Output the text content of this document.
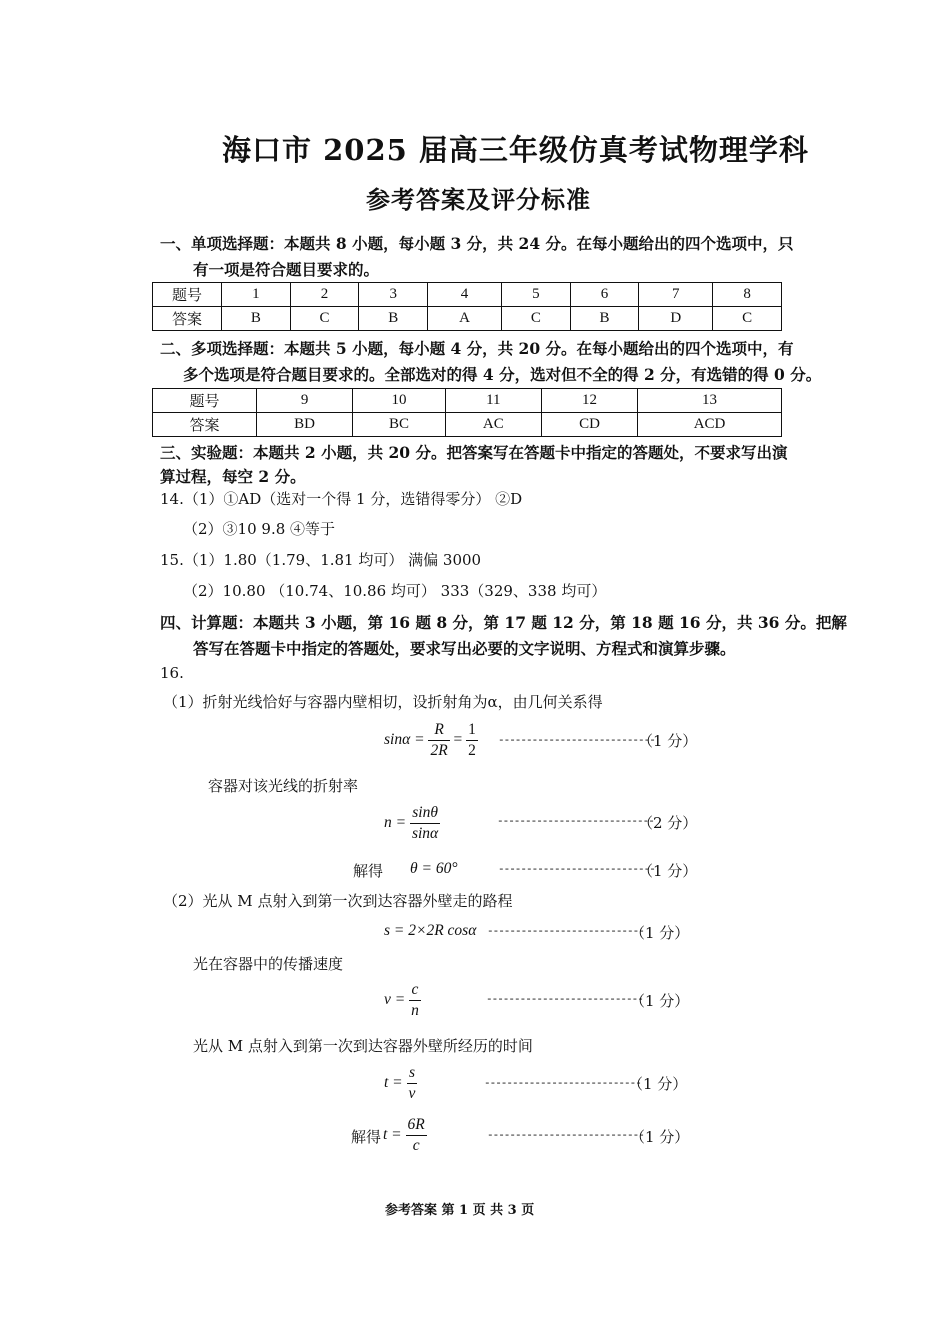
海口市 2025 届高三年级仿真考试物理学科
参考答案及评分标准
一、单项选择题：本题共 8 小题，每小题 3 分，共 24 分。在每小题给出的四个选项中，只
有一项是符合题目要求的。
题号	1	2	3	4	5	6	7	8
答案	B	C	B	A	C	B	D	C
二、多项选择题：本题共 5 小题，每小题 4 分，共 20 分。在每小题给出的四个选项中，有
多个选项是符合题目要求的。全部选对的得 4 分，选对但不全的得 2 分，有选错的得 0 分。
题号	9	10	11	12	13
答案	BD	BC	AC	CD	ACD
三、实验题：本题共 2 小题，共 20 分。把答案写在答题卡中指定的答题处，不要求写出演
算过程，每空 2 分。
14.（1）①AD（选对一个得 1 分，选错得零分） ②D
（2）③10 9.8 ④等于
15.（1）1.80（1.79、1.81 均可） 满偏 3000
（2）10.80 （10.74、10.86 均可） 333（329、338 均可）
四、计算题：本题共 3 小题，第 16 题 8 分，第 17 题 12 分，第 18 题 16 分，共 36 分。把解
答写在答题卡中指定的答题处，要求写出必要的文字说明、方程式和演算步骤。
16.
（1）折射光线恰好与容器内壁相切，设折射角为α，由几何关系得
$\sin\alpha = \frac{R}{2R} = \frac{1}{2}$ ----------------------------
（1 分）
容器对该光线的折射率
$n = \frac{\sin\theta}{\sin\alpha}$	----------------------------
（2 分）
解得 θ = 60°	----------------------------
（1 分）
（2）光从 M 点射入到第一次到达容器外壁走的路程
s = 2×2R cosα ----------------------------
（1 分）
光在容器中的传播速度
$v = \frac{c}{n}$	----------------------------
（1 分）
光从 M 点射入到第一次到达容器外壁所经历的时间
$t = \frac{s}{v}$	----------------------------
（1 分）
解得 $t = \frac{6R}{c}$	----------------------------
（1 分）
参考答案 第 1 页 共 3 页
